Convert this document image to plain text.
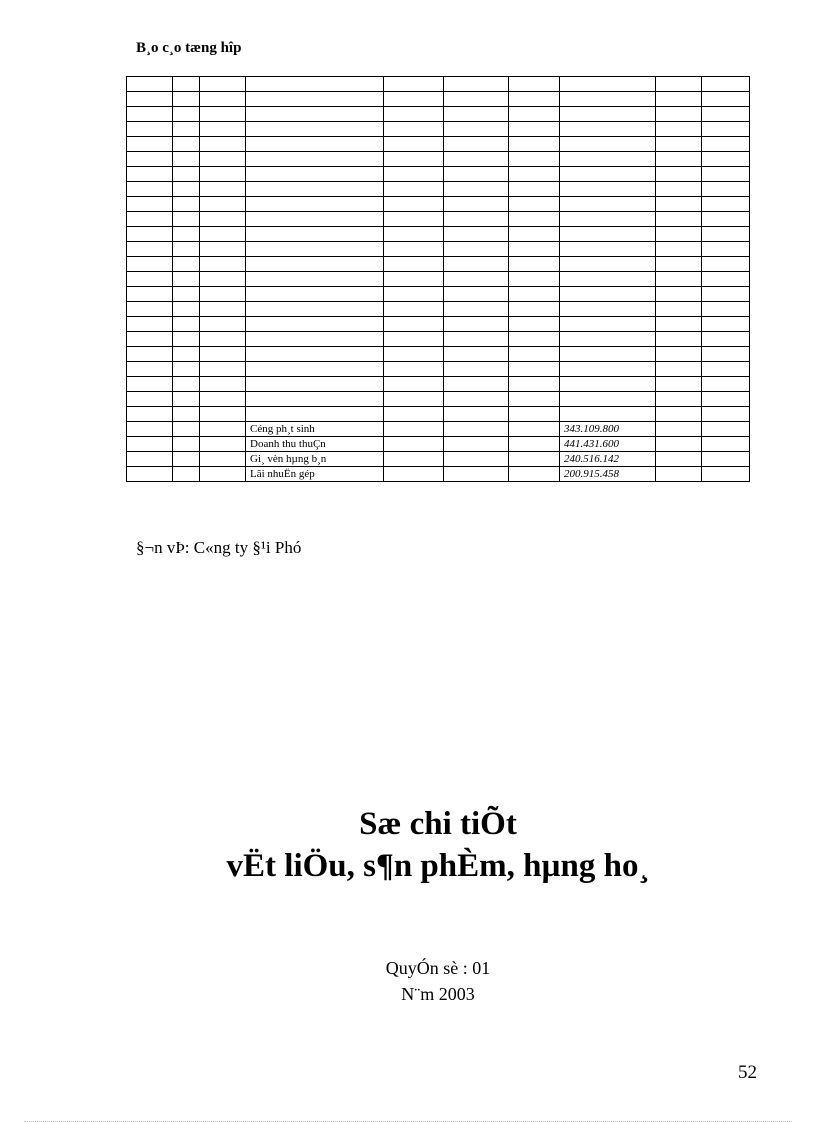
B¸o c¸o tæng hîp

			Céng ph¸t sinh				343.109.800		
			Doanh thu thuÇn				441.431.600		
			Gi¸ vèn hµng b¸n				240.516.142		
			Lãi nhuËn gép				200.915.458		
§¬n vÞ: C«ng ty §¹i Phó
Sæ chi tiÕt
vËt liÖu, s¶n phÈm, hµng ho¸
QuyÓn sè : 01
N¨m 2003
52
